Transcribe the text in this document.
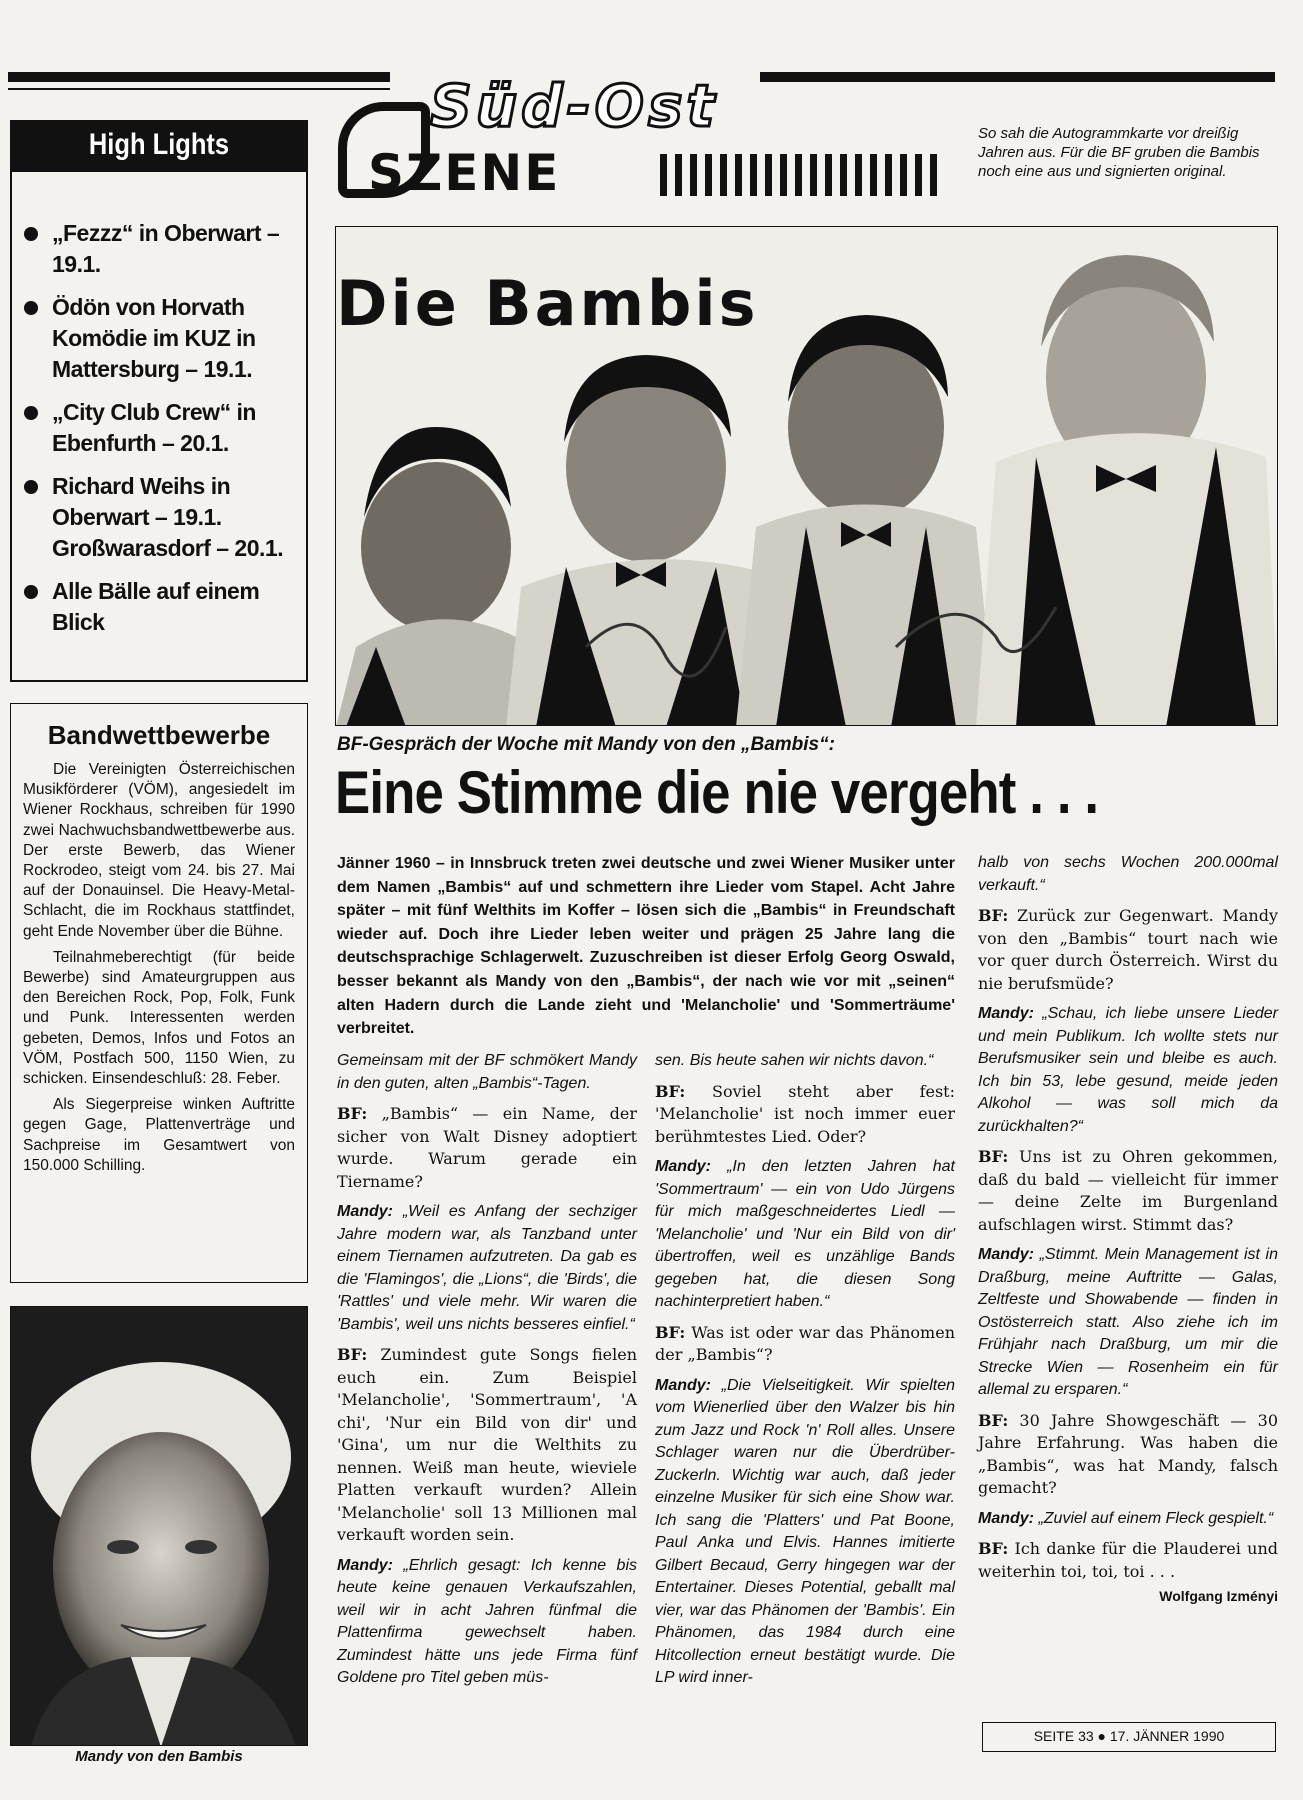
Süd-Ost
SZENE
So sah die Autogrammkarte vor dreißig Jahren aus. Für die BF gruben die Bambis noch eine aus und signierten original.
High Lights
„Fezzz“ in Oberwart – 19.1.
Ödön von Horvath Komödie im KUZ in Mattersburg – 19.1.
„City Club Crew“ in Ebenfurth – 20.1.
Richard Weihs in Oberwart – 19.1. Großwarasdorf – 20.1.
Alle Bälle auf einem Blick
Bandwettbewerbe

Die Vereinigten Österreichischen Musikförderer (VÖM), angesiedelt im Wiener Rockhaus, schreiben für 1990 zwei Nachwuchsbandwettbewerbe aus. Der erste Bewerb, das Wiener Rockrodeo, steigt vom 24. bis 27. Mai auf der Donauinsel. Die Heavy-Metal-Schlacht, die im Rockhaus stattfindet, geht Ende November über die Bühne.

Teilnahmeberechtigt (für beide Bewerbe) sind Amateurgruppen aus den Bereichen Rock, Pop, Folk, Funk und Punk. Interessenten werden gebeten, Demos, Infos und Fotos an VÖM, Postfach 500, 1150 Wien, zu schicken. Einsendeschluß: 28. Feber.

Als Siegerpreise winken Auftritte gegen Gage, Plattenverträge und Sachpreise im Gesamtwert von 150.000 Schilling.

Mandy von den Bambis
Die Bambis
BF-Gespräch der Woche mit Mandy von den „Bambis“:
Eine Stimme die nie vergeht . . .
Jänner 1960 – in Innsbruck treten zwei deutsche und zwei Wiener Musiker unter dem Namen „Bambis“ auf und schmettern ihre Lieder vom Stapel. Acht Jahre später – mit fünf Welthits im Koffer – lösen sich die „Bambis“ in Freundschaft wieder auf. Doch ihre Lieder leben weiter und prägen 25 Jahre lang die deutschsprachige Schlagerwelt. Zuzuschreiben ist dieser Erfolg Georg Oswald, besser bekannt als Mandy von den „Bambis“, der nach wie vor mit „seinen“ alten Hadern durch die Lande zieht und 'Melancholie' und 'Sommerträume' verbreitet.

Gemeinsam mit der BF schmökert Mandy in den guten, alten „Bambis“-Tagen.

BF: „Bambis“ — ein Name, der sicher von Walt Disney adoptiert wurde. Warum gerade ein Tiername?

Mandy: „Weil es Anfang der sechziger Jahre modern war, als Tanzband unter einem Tiernamen aufzutreten. Da gab es die 'Flamingos', die „Lions“, die 'Birds', die 'Rattles' und viele mehr. Wir waren die 'Bambis', weil uns nichts besseres einfiel.“

BF: Zumindest gute Songs fielen euch ein. Zum Beispiel 'Melancholie', 'Sommertraum', 'A chi', 'Nur ein Bild von dir' und 'Gina', um nur die Welthits zu nennen. Weiß man heute, wieviele Platten verkauft wurden? Allein 'Melancholie' soll 13 Millionen mal verkauft worden sein.

Mandy: „Ehrlich gesagt: Ich kenne bis heute keine genauen Verkaufszahlen, weil wir in acht Jahren fünfmal die Plattenfirma gewechselt haben. Zumindest hätte uns jede Firma fünf Goldene pro Titel geben müs-

sen. Bis heute sahen wir nichts davon.“

BF: Soviel steht aber fest: 'Melancholie' ist noch immer euer berühmtestes Lied. Oder?

Mandy: „In den letzten Jahren hat 'Sommertraum' — ein von Udo Jürgens für mich maßgeschneidertes Liedl — 'Melancholie' und 'Nur ein Bild von dir' übertroffen, weil es unzählige Bands gegeben hat, die diesen Song nachinterpretiert haben.“

BF: Was ist oder war das Phänomen der „Bambis“?

Mandy: „Die Vielseitigkeit. Wir spielten vom Wienerlied über den Walzer bis hin zum Jazz und Rock 'n' Roll alles. Unsere Schlager waren nur die Überdrüber-Zuckerln. Wichtig war auch, daß jeder einzelne Musiker für sich eine Show war. Ich sang die 'Platters' und Pat Boone, Paul Anka und Elvis. Hannes imitierte Gilbert Becaud, Gerry hingegen war der Entertainer. Dieses Potential, geballt mal vier, war das Phänomen der 'Bambis'. Ein Phänomen, das 1984 durch eine Hitcollection erneut bestätigt wurde. Die LP wird inner-

halb von sechs Wochen 200.000mal verkauft.“

BF: Zurück zur Gegenwart. Mandy von den „Bambis“ tourt nach wie vor quer durch Österreich. Wirst du nie berufsmüde?

Mandy: „Schau, ich liebe unsere Lieder und mein Publikum. Ich wollte stets nur Berufsmusiker sein und bleibe es auch. Ich bin 53, lebe gesund, meide jeden Alkohol — was soll mich da zurückhalten?“

BF: Uns ist zu Ohren gekommen, daß du bald — vielleicht für immer — deine Zelte im Burgenland aufschlagen wirst. Stimmt das?

Mandy: „Stimmt. Mein Management ist in Draßburg, meine Auftritte — Galas, Zeltfeste und Showabende — finden in Ostösterreich statt. Also ziehe ich im Frühjahr nach Draßburg, um mir die Strecke Wien — Rosenheim ein für allemal zu ersparen.“

BF: 30 Jahre Showgeschäft — 30 Jahre Erfahrung. Was haben die „Bambis“, was hat Mandy, falsch gemacht?

Mandy: „Zuviel auf einem Fleck gespielt.“

BF: Ich danke für die Plauderei und weiterhin toi, toi, toi . . .

Wolfgang Izményi
SEITE 33 ● 17. JÄNNER 1990
